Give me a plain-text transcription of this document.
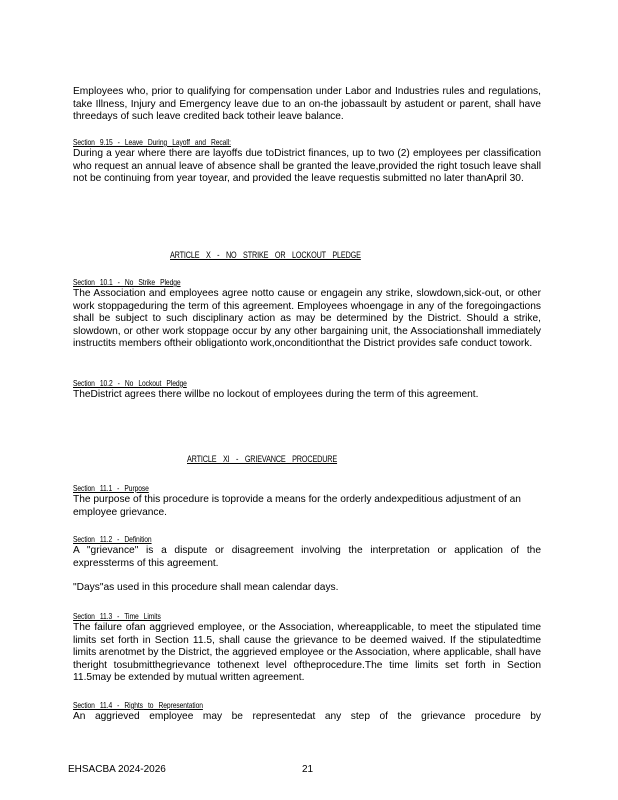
Employees who, prior to qualifying for compensation under Labor and Industries rules and regulations, take Illness, Injury and Emergency leave due to an on-the jobassault by astudent or parent, shall have threedays of such leave credited back totheir leave balance.
Section 9.15 - Leave During Layoff and Recall:
During a year where there are layoffs due toDistrict finances, up to two (2) employees per classification who request an annual leave of absence shall be granted the leave,provided the right tosuch leave shall not be continuing from year toyear, and provided the leave requestis submitted no later thanApril 30.
ARTICLE X - NO STRIKE OR LOCKOUT PLEDGE
Section 10.1 - No Strike Pledge
The Association and employees agree notto cause or engagein any strike, slowdown,sick-out, or other work stoppageduring the term of this agreement. Employees whoengage in any of the foregoingactions shall be subject to such disciplinary action as may be determined by the District. Should a strike, slowdown, or other work stoppage occur by any other bargaining unit, the Associationshall immediately instructits members oftheir obligationto work,onconditionthat the District provides safe conduct towork.
Section 10.2 - No Lockout Pledge
TheDistrict agrees there willbe no lockout of employees during the term of this agreement.
ARTICLE XI - GRIEVANCE PROCEDURE
Section 11.1 - Purpose
The purpose of this procedure is toprovide a means for the orderly andexpeditious adjustment of an employee grievance.
Section 11.2 - Definition
A "grievance" is a dispute or disagreement involving the interpretation or application of the expressterms of this agreement.
"Days"as used in this procedure shall mean calendar days.
Section 11.3 - Time Limits
The failure ofan aggrieved employee, or the Association, whereapplicable, to meet the stipulated time limits set forth in Section 11.5, shall cause the grievance to be deemed waived. If the stipulatedtime limits arenotmet by the District, the aggrieved employee or the Association, where applicable, shall have theright tosubmitthegrievance tothenext level oftheprocedure.The time limits set forth in Section 11.5may be extended by mutual written agreement.
Section 11.4 - Rights to Representation
An aggrieved employee may be representedat any step of the grievance procedure by
EHSACBA 2024-2026	21
